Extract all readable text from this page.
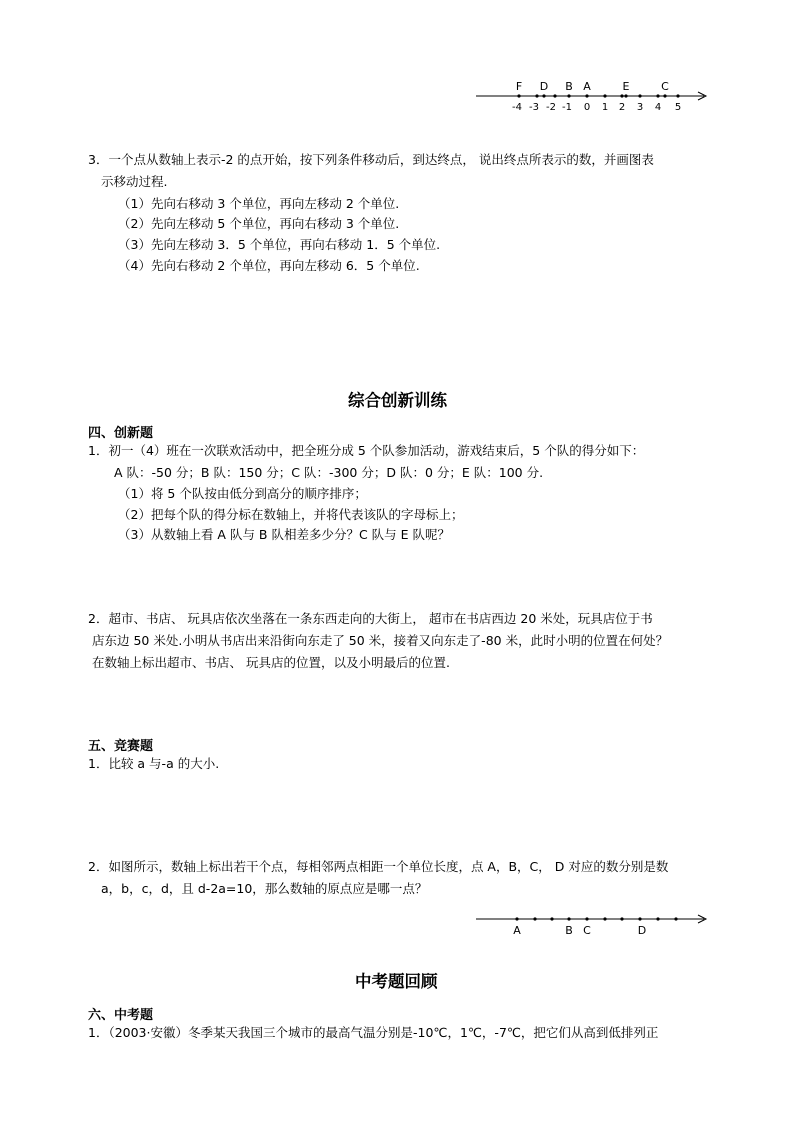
F D B A	E	C
-4 -3 -2 -1 0 1 2 3 4 5
3．一个点从数轴上表示-2 的点开始，按下列条件移动后，到达终点， 说出终点所表示的数，并画图表
示移动过程.
（1）先向右移动 3 个单位，再向左移动 2 个单位.
（2）先向左移动 5 个单位，再向右移动 3 个单位.
（3）先向左移动 3．5 个单位，再向右移动 1．5 个单位.
（4）先向右移动 2 个单位，再向左移动 6．5 个单位.
综合创新训练
四、创新题
1．初一（4）班在一次联欢活动中，把全班分成 5 个队参加活动，游戏结束后，5 个队的得分如下：
A 队：-50 分；B 队：150 分；C 队：-300 分；D 队：0 分；E 队：100 分.
（1）将 5 个队按由低分到高分的顺序排序；
（2）把每个队的得分标在数轴上，并将代表该队的字母标上；
（3）从数轴上看 A 队与 B 队相差多少分？C 队与 E 队呢？
2．超市、书店、 玩具店依次坐落在一条东西走向的大街上， 超市在书店西边 20 米处，玩具店位于书
店东边 50 米处.小明从书店出来沿街向东走了 50 米，接着又向东走了-80 米，此时小明的位置在何处？
在数轴上标出超市、书店、 玩具店的位置，以及小明最后的位置.
五、竞赛题
1．比较 a 与-a 的大小.
2．如图所示，数轴上标出若干个点，每相邻两点相距一个单位长度，点 A，B，C， D 对应的数分别是数
a，b，c，d，且 d-2a=10，那么数轴的原点应是哪一点？
A	B C	D
中考题回顾
六、中考题
1．（2003·安徽）冬季某天我国三个城市的最高气温分别是-10℃，1℃，-7℃，把它们从高到低排列正
